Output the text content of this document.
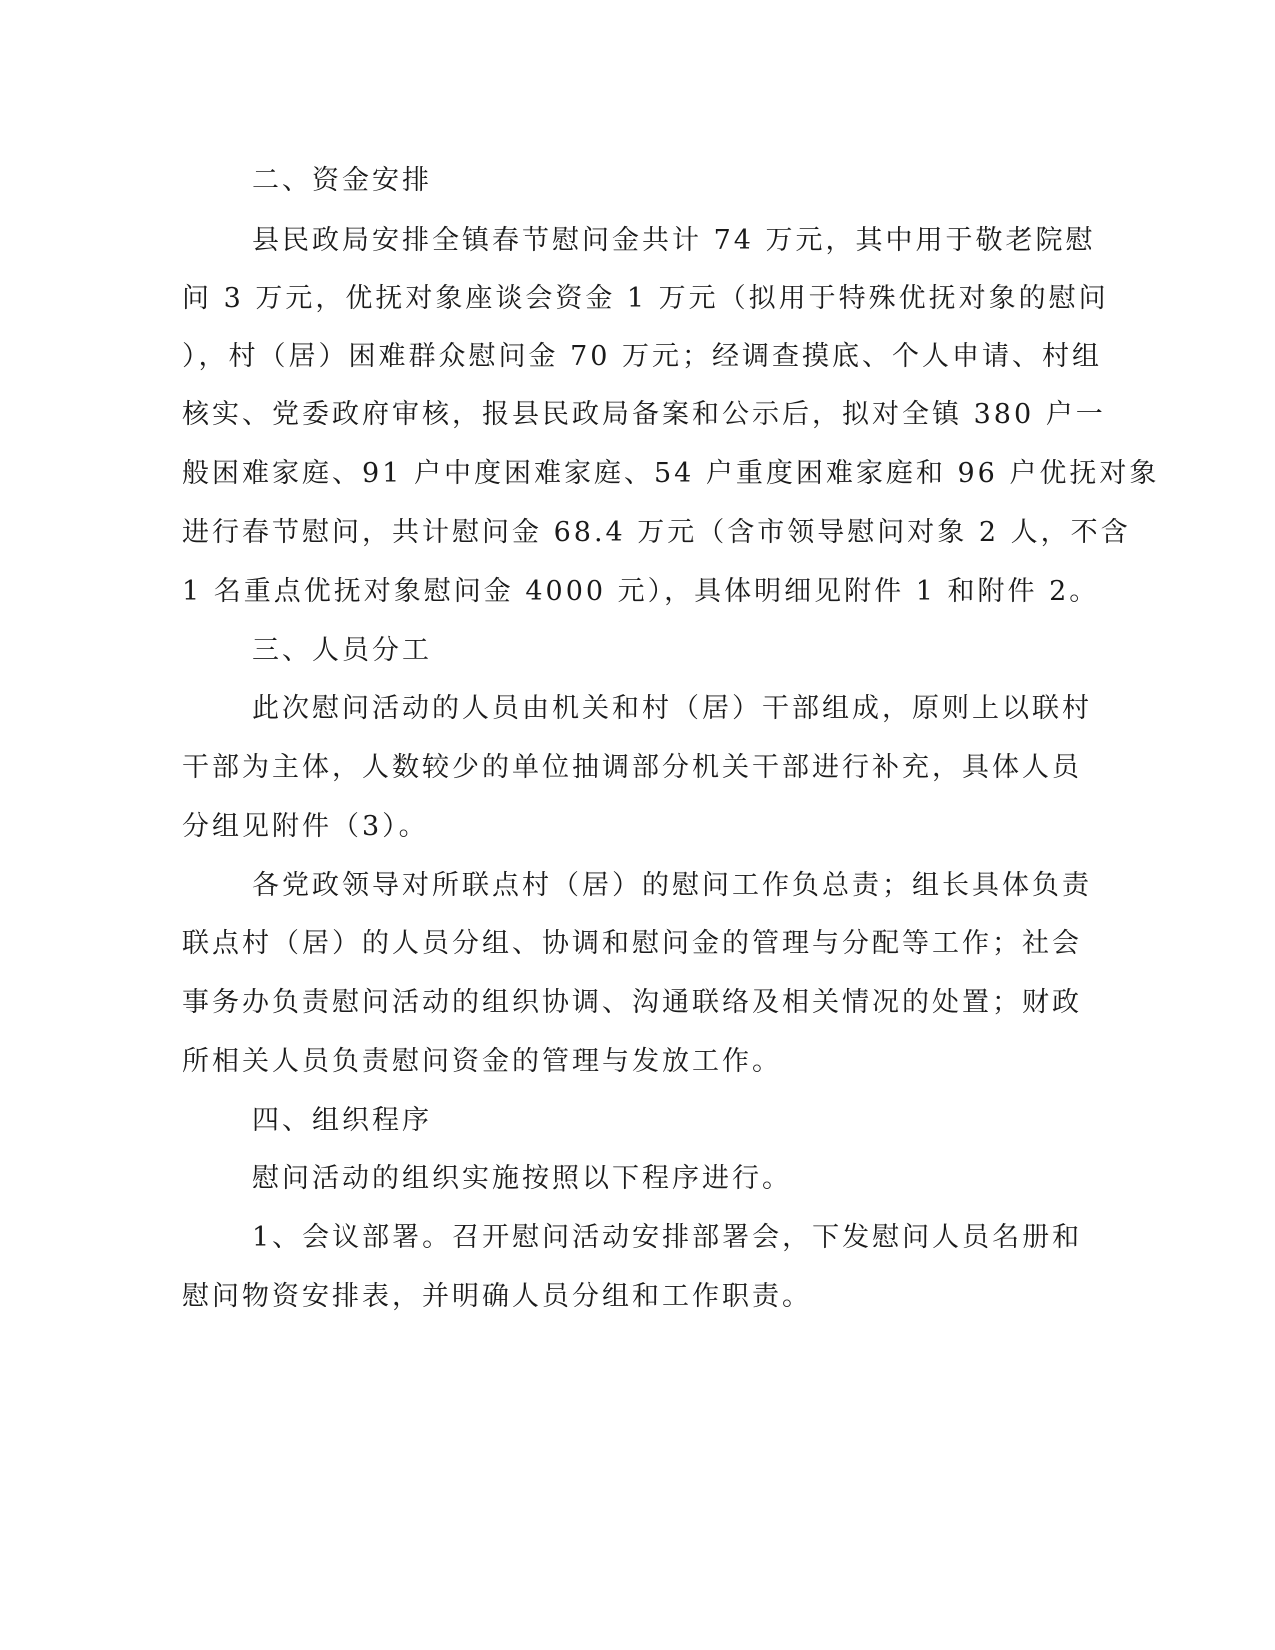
二、资金安排
县民政局安排全镇春节慰问金共计 74 万元，其中用于敬老院慰
问 3 万元，优抚对象座谈会资金 1 万元（拟用于特殊优抚对象的慰问
），村（居）困难群众慰问金 70 万元；经调查摸底、个人申请、村组
核实、党委政府审核，报县民政局备案和公示后，拟对全镇 380 户一
般困难家庭、91 户中度困难家庭、54 户重度困难家庭和 96 户优抚对象
进行春节慰问，共计慰问金 68.4 万元（含市领导慰问对象 2 人，不含
1 名重点优抚对象慰问金 4000 元），具体明细见附件 1 和附件 2。
三、人员分工
此次慰问活动的人员由机关和村（居）干部组成，原则上以联村
干部为主体，人数较少的单位抽调部分机关干部进行补充，具体人员
分组见附件（3）。
各党政领导对所联点村（居）的慰问工作负总责；组长具体负责
联点村（居）的人员分组、协调和慰问金的管理与分配等工作；社会
事务办负责慰问活动的组织协调、沟通联络及相关情况的处置；财政
所相关人员负责慰问资金的管理与发放工作。
四、组织程序
慰问活动的组织实施按照以下程序进行。
1、会议部署。召开慰问活动安排部署会，下发慰问人员名册和
慰问物资安排表，并明确人员分组和工作职责。
